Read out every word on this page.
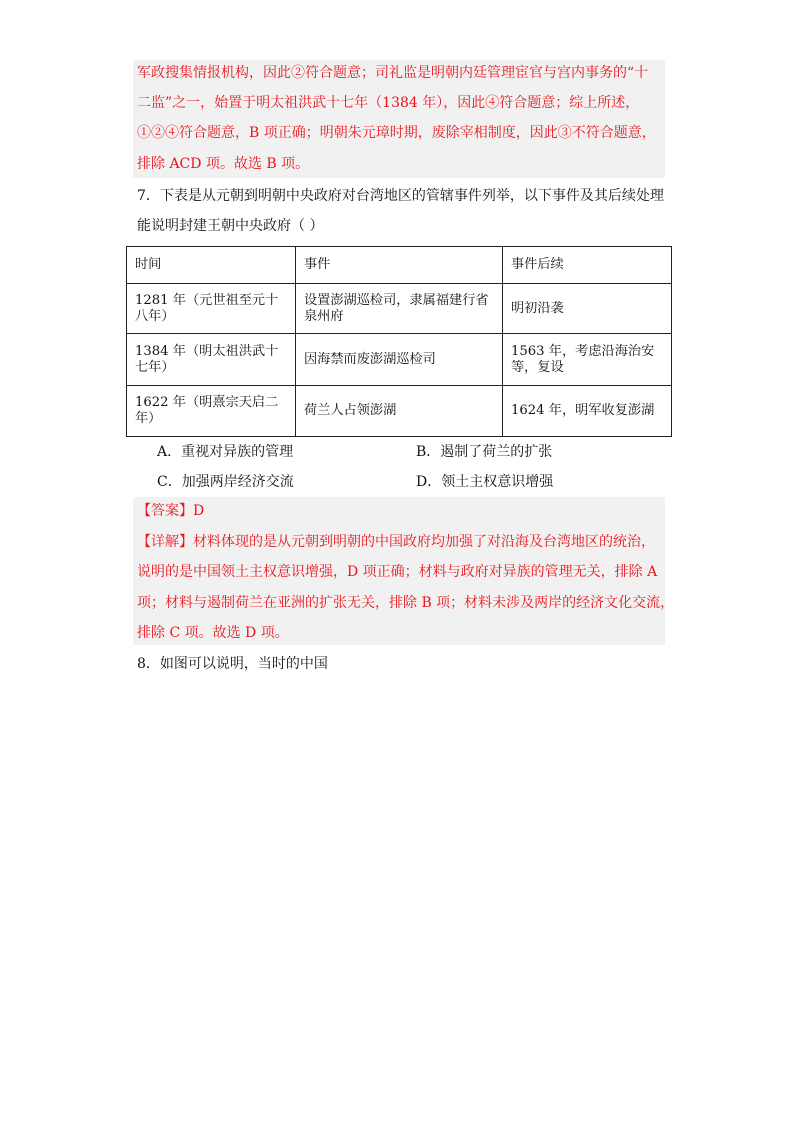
军政搜集情报机构，因此②符合题意；司礼监是明朝内廷管理宦官与宫内事务的“十
二监”之一，始置于明太祖洪武十七年（1384 年），因此④符合题意；综上所述，
①②④符合题意，B 项正确；明朝朱元璋时期，废除宰相制度，因此③不符合题意，
排除 ACD 项。故选 B 项。
7．下表是从元朝到明朝中央政府对台湾地区的管辖事件列举，以下事件及其后续处理
能说明封建王朝中央政府（ ）
时间	事件	事件后续
1281 年（元世祖至元十八年）	设置澎湖巡检司，隶属福建行省泉州府	明初沿袭
1384 年（明太祖洪武十七年）	因海禁而废澎湖巡检司	1563 年，考虑沿海治安等，复设
1622 年（明熹宗天启二年）	荷兰人占领澎湖	1624 年，明军收复澎湖
A．重视对异族的管理	B．遏制了荷兰的扩张
C．加强两岸经济交流	D．领土主权意识增强
【答案】D
【详解】材料体现的是从元朝到明朝的中国政府均加强了对沿海及台湾地区的统治，
说明的是中国领土主权意识增强，D 项正确；材料与政府对异族的管理无关，排除 A
项；材料与遏制荷兰在亚洲的扩张无关，排除 B 项；材料未涉及两岸的经济文化交流，
排除 C 项。故选 D 项。
8．如图可以说明，当时的中国
